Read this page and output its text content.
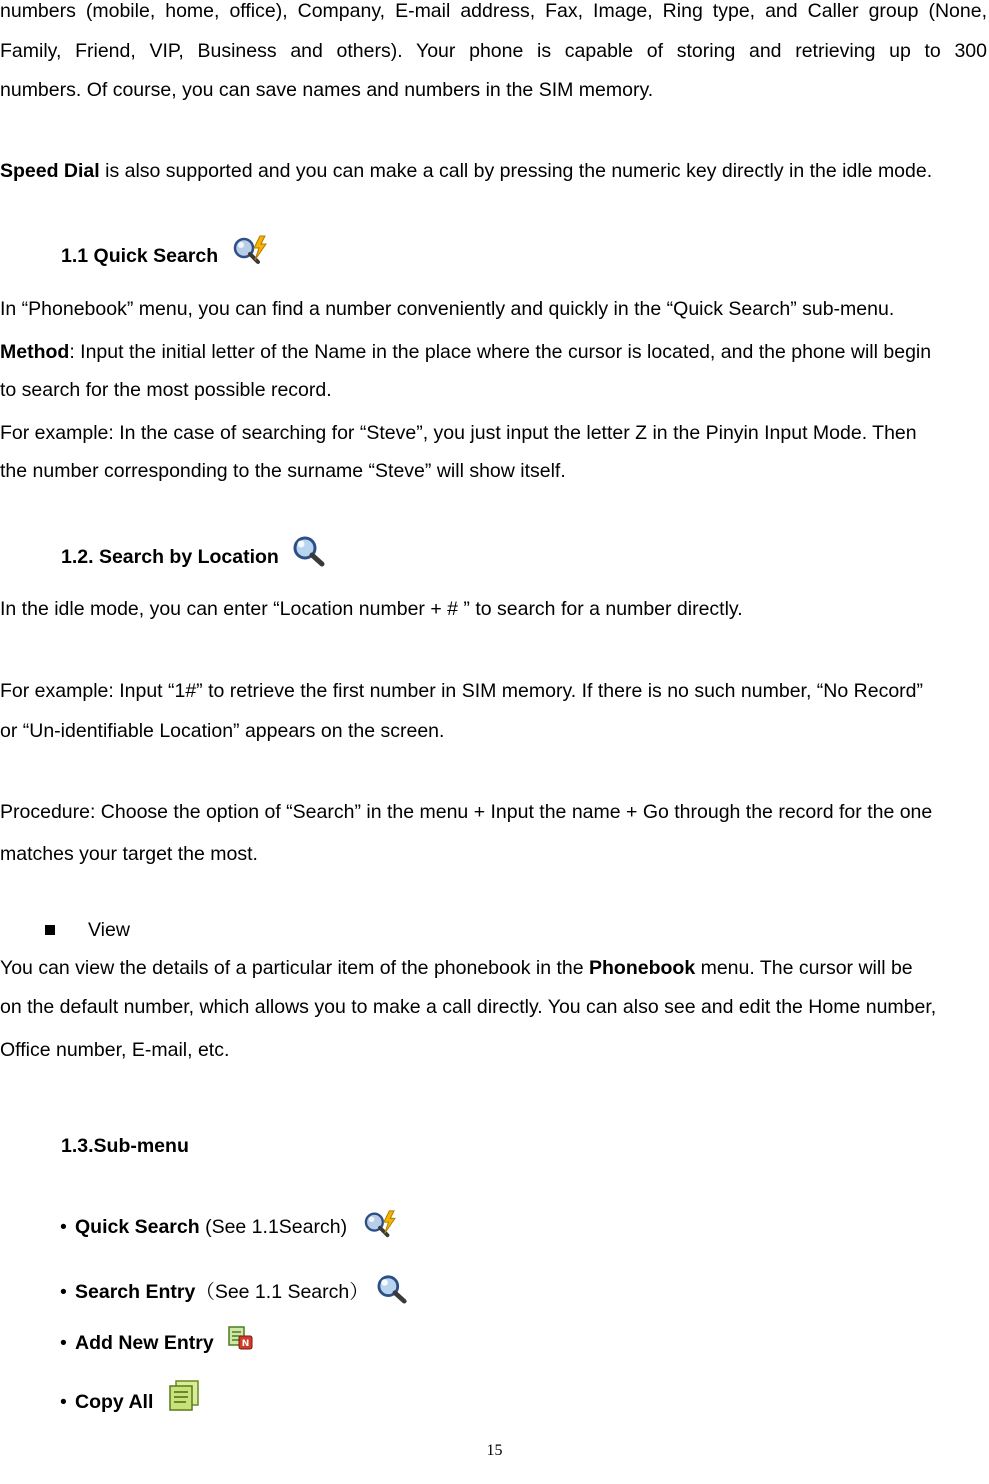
numbers (mobile, home, office), Company, E-mail address, Fax, Image, Ring type, and Caller group (None,
Family, Friend, VIP, Business and others). Your phone is capable of storing and retrieving up to 300
numbers. Of course, you can save names and numbers in the SIM memory.
Speed Dial is also supported and you can make a call by pressing the numeric key directly in the idle mode.
1.1 Quick Search
In “Phonebook” menu, you can find a number conveniently and quickly in the “Quick Search” sub-menu.
Method: Input the initial letter of the Name in the place where the cursor is located, and the phone will begin
to search for the most possible record.
For example: In the case of searching for “Steve”, you just input the letter Z in the Pinyin Input Mode. Then
the number corresponding to the surname “Steve” will show itself.
1.2. Search by Location
In the idle mode, you can enter “Location number + # ” to search for a number directly.
For example: Input “1#” to retrieve the first number in SIM memory. If there is no such number, “No Record”
or “Un-identifiable Location” appears on the screen.
Procedure: Choose the option of “Search” in the menu + Input the name + Go through the record for the one
matches your target the most.
View
You can view the details of a particular item of the phonebook in the Phonebook menu. The cursor will be
on the default number, which allows you to make a call directly. You can also see and edit the Home number,
Office number, E-mail, etc.
1.3.Sub-menu
• Quick Search (See 1.1Search)
• Search Entry（See 1.1 Search）
• Add New Entry	N
• Copy All
15
